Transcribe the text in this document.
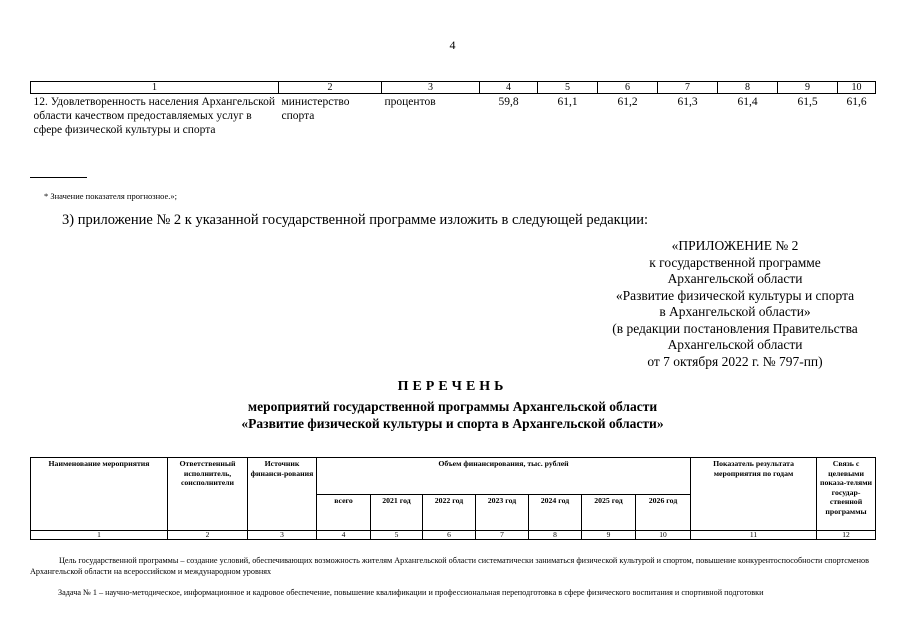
4
1	2	3	4	5	6	7	8	9	10
12. Удовлетворенность населения Архангельской области качеством предоставляемых услуг в сфере физической культуры и спорта	министерство спорта	процентов	59,8	61,1	61,2	61,3	61,4	61,5	61,6
* Значение показателя прогнозное.»;
3) приложение № 2 к указанной государственной программе изложить в следующей редакции:
«ПРИЛОЖЕНИЕ № 2
к государственной программе
Архангельской области
«Развитие физической культуры и спорта
в Архангельской области»
(в редакции постановления Правительства
Архангельской области
от 7 октября 2022 г. № 797-пп)
ПЕРЕЧЕНЬ
мероприятий государственной программы Архангельской области
«Развитие физической культуры и спорта в Архангельской области»
Наименование мероприятия	Ответственный исполнитель, соисполнители	Источник финанси-рования	Объем финансирования, тыс. рублей							Показатель результата мероприятия по годам	Связь с целевыми показа-телями государ-ственной программы
			всего	2021 год	2022 год	2023 год	2024 год	2025 год	2026 год		
1	2	3	4	5	6	7	8	9	10	11	12
Цель государственной программы – создание условий, обеспечивающих возможность жителям Архангельской области систематически заниматься физической культурой и спортом, повышение конкурентоспособности спортсменов Архангельской области на всероссийском и международном уровнях
Задача № 1 – научно-методическое, информационное и кадровое обеспечение, повышение квалификации и профессиональная переподготовка в сфере физического воспитания и спортивной подготовки
